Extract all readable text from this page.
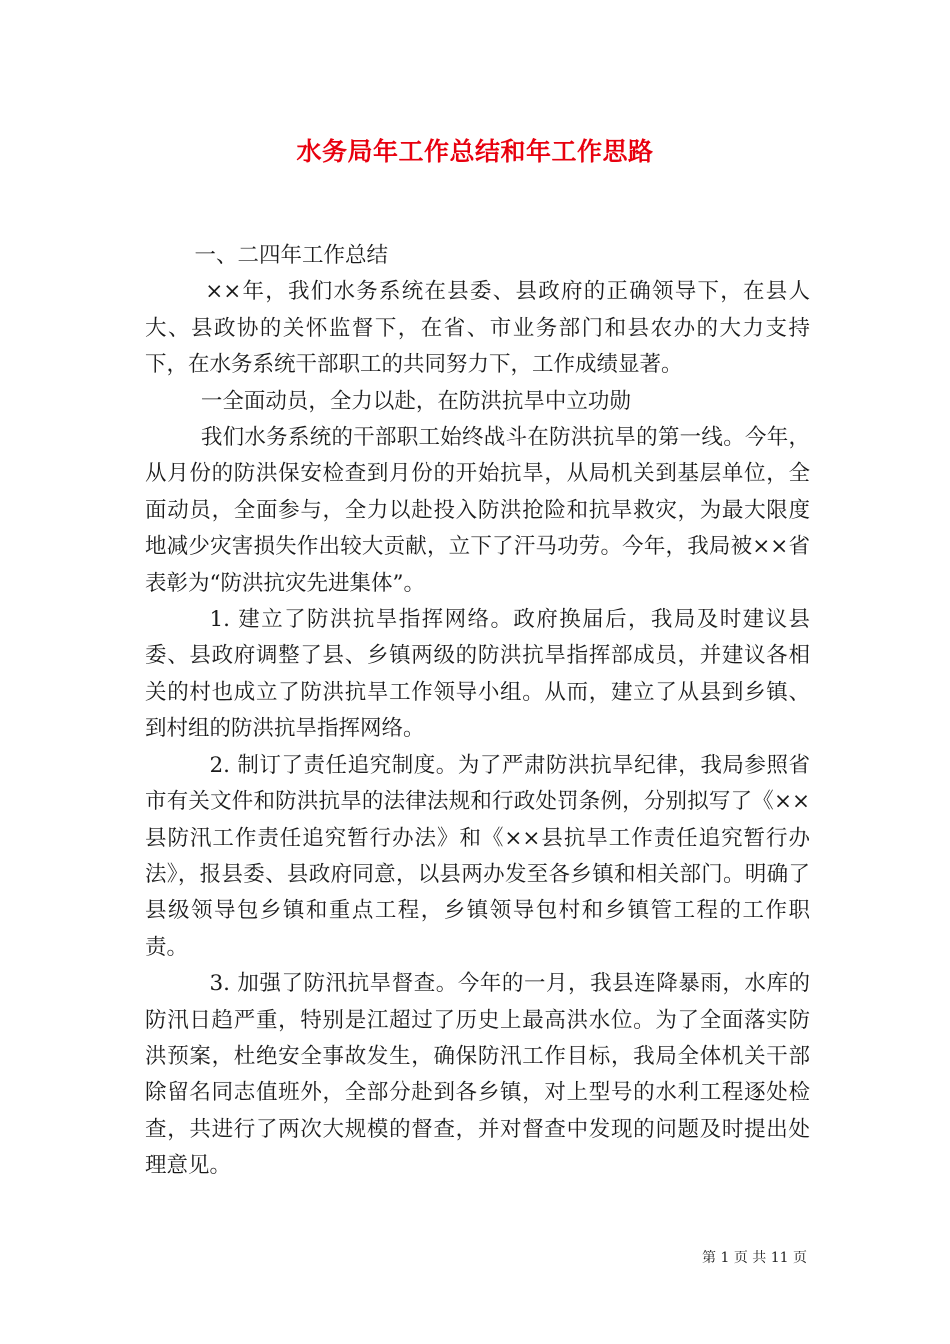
水务局年工作总结和年工作思路

一、二四年工作总结

××年，我们水务系统在县委、县政府的正确领导下，在县人大、县政协的关怀监督下，在省、市业务部门和县农办的大力支持下，在水务系统干部职工的共同努力下，工作成绩显著。

一全面动员，全力以赴，在防洪抗旱中立功勋

我们水务系统的干部职工始终战斗在防洪抗旱的第一线。今年，从月份的防洪保安检查到月份的开始抗旱，从局机关到基层单位，全面动员，全面参与，全力以赴投入防洪抢险和抗旱救灾，为最大限度地减少灾害损失作出较大贡献，立下了汗马功劳。今年，我局被××省表彰为“防洪抗灾先进集体”。

1. 建立了防洪抗旱指挥网络。政府换届后，我局及时建议县委、县政府调整了县、乡镇两级的防洪抗旱指挥部成员，并建议各相关的村也成立了防洪抗旱工作领导小组。从而，建立了从县到乡镇、到村组的防洪抗旱指挥网络。

2. 制订了责任追究制度。为了严肃防洪抗旱纪律，我局参照省市有关文件和防洪抗旱的法律法规和行政处罚条例，分别拟写了《××县防汛工作责任追究暂行办法》和《××县抗旱工作责任追究暂行办法》，报县委、县政府同意，以县两办发至各乡镇和相关部门。明确了县级领导包乡镇和重点工程，乡镇领导包村和乡镇管工程的工作职责。

3. 加强了防汛抗旱督查。今年的一月，我县连降暴雨，水库的防汛日趋严重，特别是江超过了历史上最高洪水位。为了全面落实防洪预案，杜绝安全事故发生，确保防汛工作目标，我局全体机关干部除留名同志值班外，全部分赴到各乡镇，对上型号的水利工程逐处检查，共进行了两次大规模的督查，并对督查中发现的问题及时提出处理意见。

第 1 页 共 11 页
